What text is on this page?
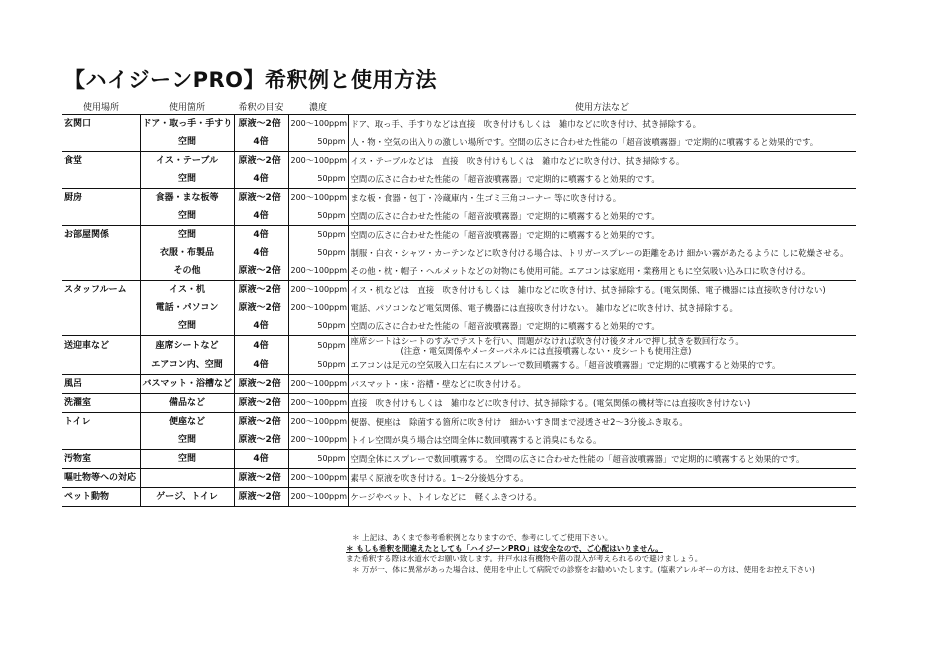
【ハイジーンPRO】希釈例と使用方法
使用場所	使用箇所	希釈の目安	濃度	使用方法など
玄関口	ドア・取っ手・手すり	原液～2倍	200～100ppm	ドア、取っ手、手すりなどは直接　吹き付けもしくは　雑巾などに吹き付け、拭き掃除する。

	空間	4倍	50ppm	人・物・空気の出入りの激しい場所です。空間の広さに合わせた性能の「超音波噴霧器」で定期的に噴霧すると効果的です。

食堂	イス・テーブル	原液～2倍	200～100ppm	イス・テーブルなどは　直接　吹き付けもしくは　雑巾などに吹き付け、拭き掃除する。

	空間	4倍	50ppm	空間の広さに合わせた性能の「超音波噴霧器」で定期的に噴霧すると効果的です。

厨房	食器・まな板等	原液～2倍	200～100ppm	まな板・食器・包丁・冷蔵庫内・生ゴミ三角コーナー 等に吹き付ける。

	空間	4倍	50ppm	空間の広さに合わせた性能の「超音波噴霧器」で定期的に噴霧すると効果的です。

お部屋関係	空間	4倍	50ppm	空間の広さに合わせた性能の「超音波噴霧器」で定期的に噴霧すると効果的です。

	衣服・布製品	4倍	50ppm	制服・白衣・シャツ・カーテンなどに吹き付ける場合は、トリガースプレーの距離をあけ 細かい霧があたるように しに乾燥させる。

	その他	原液～2倍	200～100ppm	その他・枕・帽子・ヘルメットなどの対物にも使用可能。エアコンは家庭用・業務用ともに空気吸い込み口に吹き付ける。

スタッフルーム	イス・机	原液～2倍	200～100ppm	イス・机などは　直接　吹き付けもしくは　雑巾などに吹き付け、拭き掃除する。(電気関係、電子機器には直接吹き付けない)

	電話・パソコン	原液～2倍	200～100ppm	電話、パソコンなど電気関係、電子機器には直接吹き付けない。 雑巾などに吹き付け、拭き掃除する。

	空間	4倍	50ppm	空間の広さに合わせた性能の「超音波噴霧器」で定期的に噴霧すると効果的です。

送迎車など	座席シートなど	4倍	50ppm	座席シートはシートのすみでテストを行い、問題がなければ吹き付け後タオルで押し拭きを数回行なう。
(注意・電気関係やメーターパネルには直接噴霧しない・皮シートも使用注意)

	エアコン内、空間	4倍	50ppm	エアコンは足元の空気吸入口左右にスプレーで数回噴霧する。「超音波噴霧器」で定期的に噴霧すると効果的です。

風呂	バスマット・浴槽など	原液～2倍	200～100ppm	バスマット・床・浴槽・壁などに吹き付ける。

洗濯室	備品など	原液～2倍	200～100ppm	直接　吹き付けもしくは　雑巾などに吹き付け、拭き掃除する。(電気関係の機材等には直接吹き付けない)

トイレ	便座など	原液～2倍	200～100ppm	便器、便座は　除菌する箇所に吹き付け　細かいすき間まで浸透させ2～3分後ふき取る。

	空間	原液～2倍	200～100ppm	トイレ空間が臭う場合は空間全体に数回噴霧すると消臭にもなる。

汚物室	空間	4倍	50ppm	空間全体にスプレーで数回噴霧する。 空間の広さに合わせた性能の「超音波噴霧器」で定期的に噴霧すると効果的です。

嘔吐物等への対応		原液～2倍	200～100ppm	素早く原液を吹き付ける。1～2分後処分する。

ペット動物	ゲージ、トイレ	原液～2倍	200～100ppm	ケージやペット、トイレなどに　軽くふきつける。
＊ 上記は、あくまで参考希釈例となりますので、参考にしてご使用下さい。
＊ もしも希釈を間違えたとしても「ハイジーンPRO」は安全なので、ご心配はいりません。
また希釈する際は水道水でお願い致します。井戸水は有機物や菌の混入が考えられるので避けましょう。
＊ 万が一、体に異常があった場合は、使用を中止して病院での診察をお勧めいたします。(塩素アレルギーの方は、使用をお控え下さい)
